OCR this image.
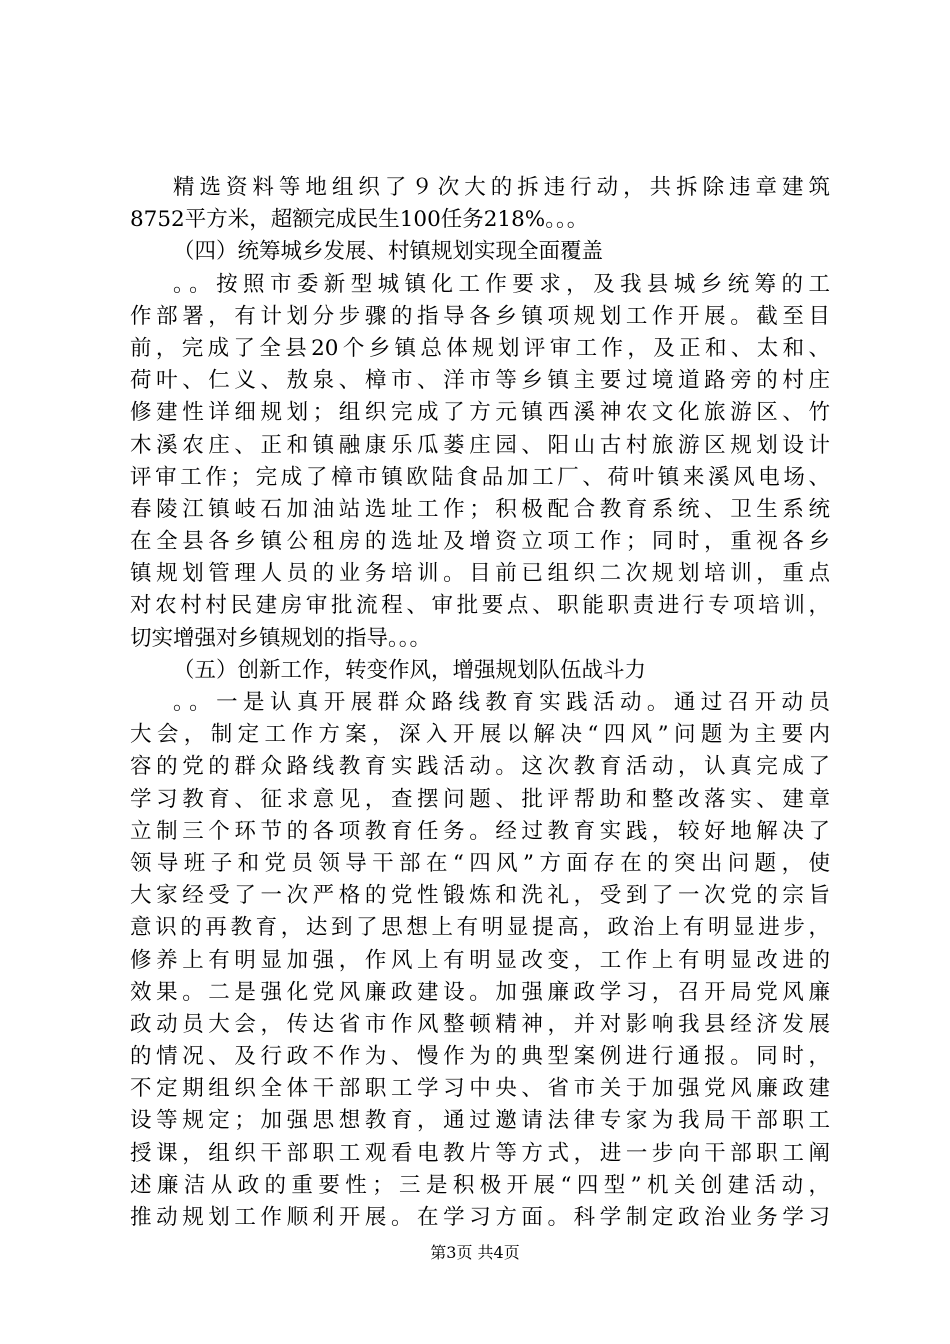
精选资料等地组织了９次大的拆违行动，共拆除违章建筑
8752平方米，超额完成民生100任务218%。。。
（四）统筹城乡发展、村镇规划实现全面覆盖
。。按照市委新型城镇化工作要求，及我县城乡统筹的工
作部署，有计划分步骤的指导各乡镇项规划工作开展。截至目
前，完成了全县20个乡镇总体规划评审工作，及正和、太和、
荷叶、仁义、敖泉、樟市、洋市等乡镇主要过境道路旁的村庄
修建性详细规划；组织完成了方元镇西溪神农文化旅游区、竹
木溪农庄、正和镇融康乐瓜蒌庄园、阳山古村旅游区规划设计
评审工作；完成了樟市镇欧陆食品加工厂、荷叶镇来溪风电场、
春陵江镇岐石加油站选址工作；积极配合教育系统、卫生系统
在全县各乡镇公租房的选址及增资立项工作；同时，重视各乡
镇规划管理人员的业务培训。目前已组织二次规划培训，重点
对农村村民建房审批流程、审批要点、职能职责进行专项培训，
切实增强对乡镇规划的指导。。。
（五）创新工作，转变作风，增强规划队伍战斗力
。。一是认真开展群众路线教育实践活动。通过召开动员
大会，制定工作方案，深入开展以解决“四风”问题为主要内
容的党的群众路线教育实践活动。这次教育活动，认真完成了
学习教育、征求意见，查摆问题、批评帮助和整改落实、建章
立制三个环节的各项教育任务。经过教育实践，较好地解决了
领导班子和党员领导干部在“四风”方面存在的突出问题，使
大家经受了一次严格的党性锻炼和洗礼，受到了一次党的宗旨
意识的再教育，达到了思想上有明显提高，政治上有明显进步，
修养上有明显加强，作风上有明显改变，工作上有明显改进的
效果。二是强化党风廉政建设。加强廉政学习，召开局党风廉
政动员大会，传达省市作风整顿精神，并对影响我县经济发展
的情况、及行政不作为、慢作为的典型案例进行通报。同时，
不定期组织全体干部职工学习中央、省市关于加强党风廉政建
设等规定；加强思想教育，通过邀请法律专家为我局干部职工
授课，组织干部职工观看电教片等方式，进一步向干部职工阐
述廉洁从政的重要性；三是积极开展“四型”机关创建活动，
推动规划工作顺利开展。在学习方面。科学制定政治业务学习
第3页 共4页
